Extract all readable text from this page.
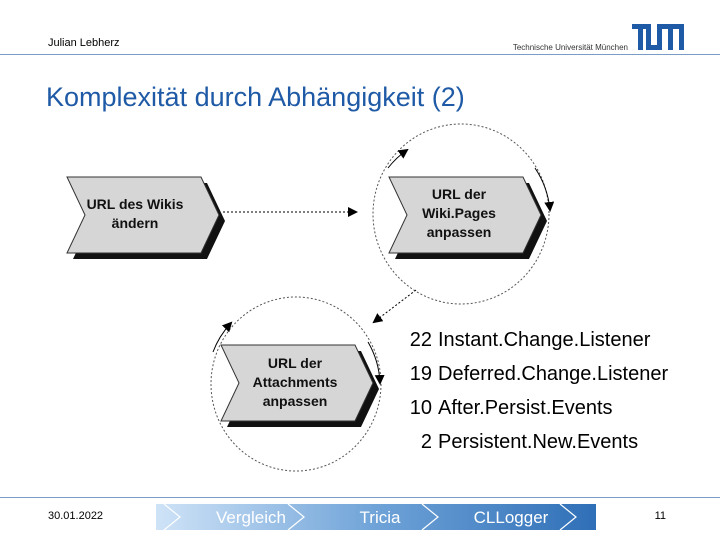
Julian Lebherz	Technische Universität München
Komplexität durch Abhängigkeit (2)
URL des Wikis
ändern
URL der
Wiki.Pages
anpassen
URL der
Attachments
anpassen
22 Instant.Change.Listener
19 Deferred.Change.Listener
10 After.Persist.Events
2 Persistent.New.Events
30.01.2022	Vergleich	Tricia	CLLogger	11
